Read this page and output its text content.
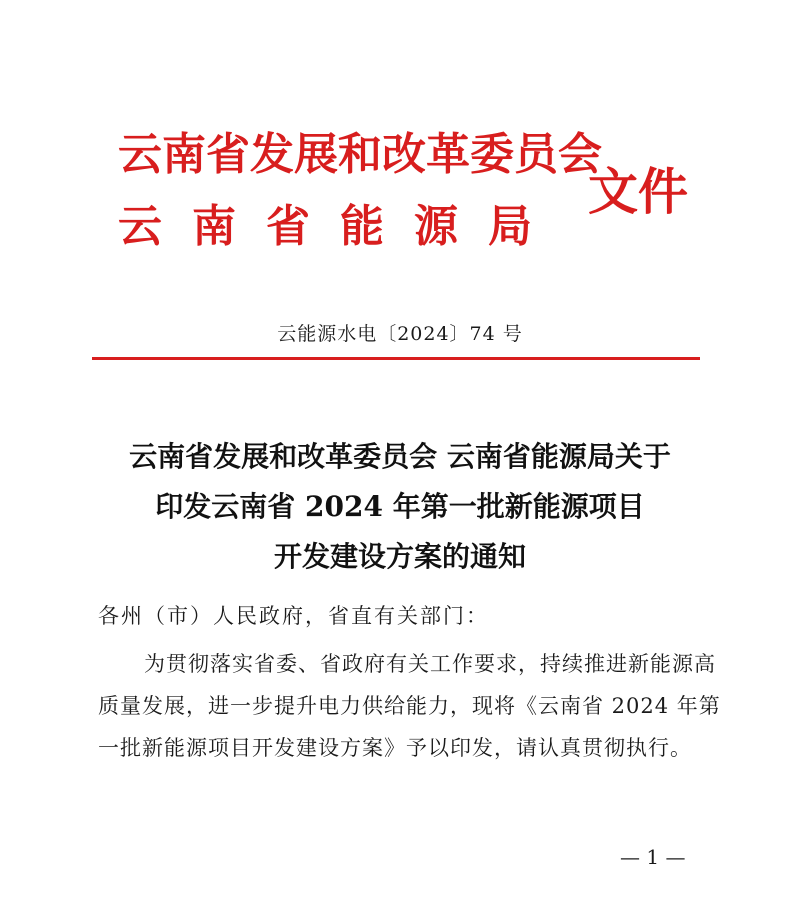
云南省发展和改革委员会
云南省能源局
文件
云能源水电〔2024〕74 号
云南省发展和改革委员会 云南省能源局关于
印发云南省 2024 年第一批新能源项目
开发建设方案的通知
各州（市）人民政府，省直有关部门：
为贯彻落实省委、省政府有关工作要求，持续推进新能源高
质量发展，进一步提升电力供给能力，现将《云南省 2024 年第
一批新能源项目开发建设方案》予以印发，请认真贯彻执行。
— 1 —
